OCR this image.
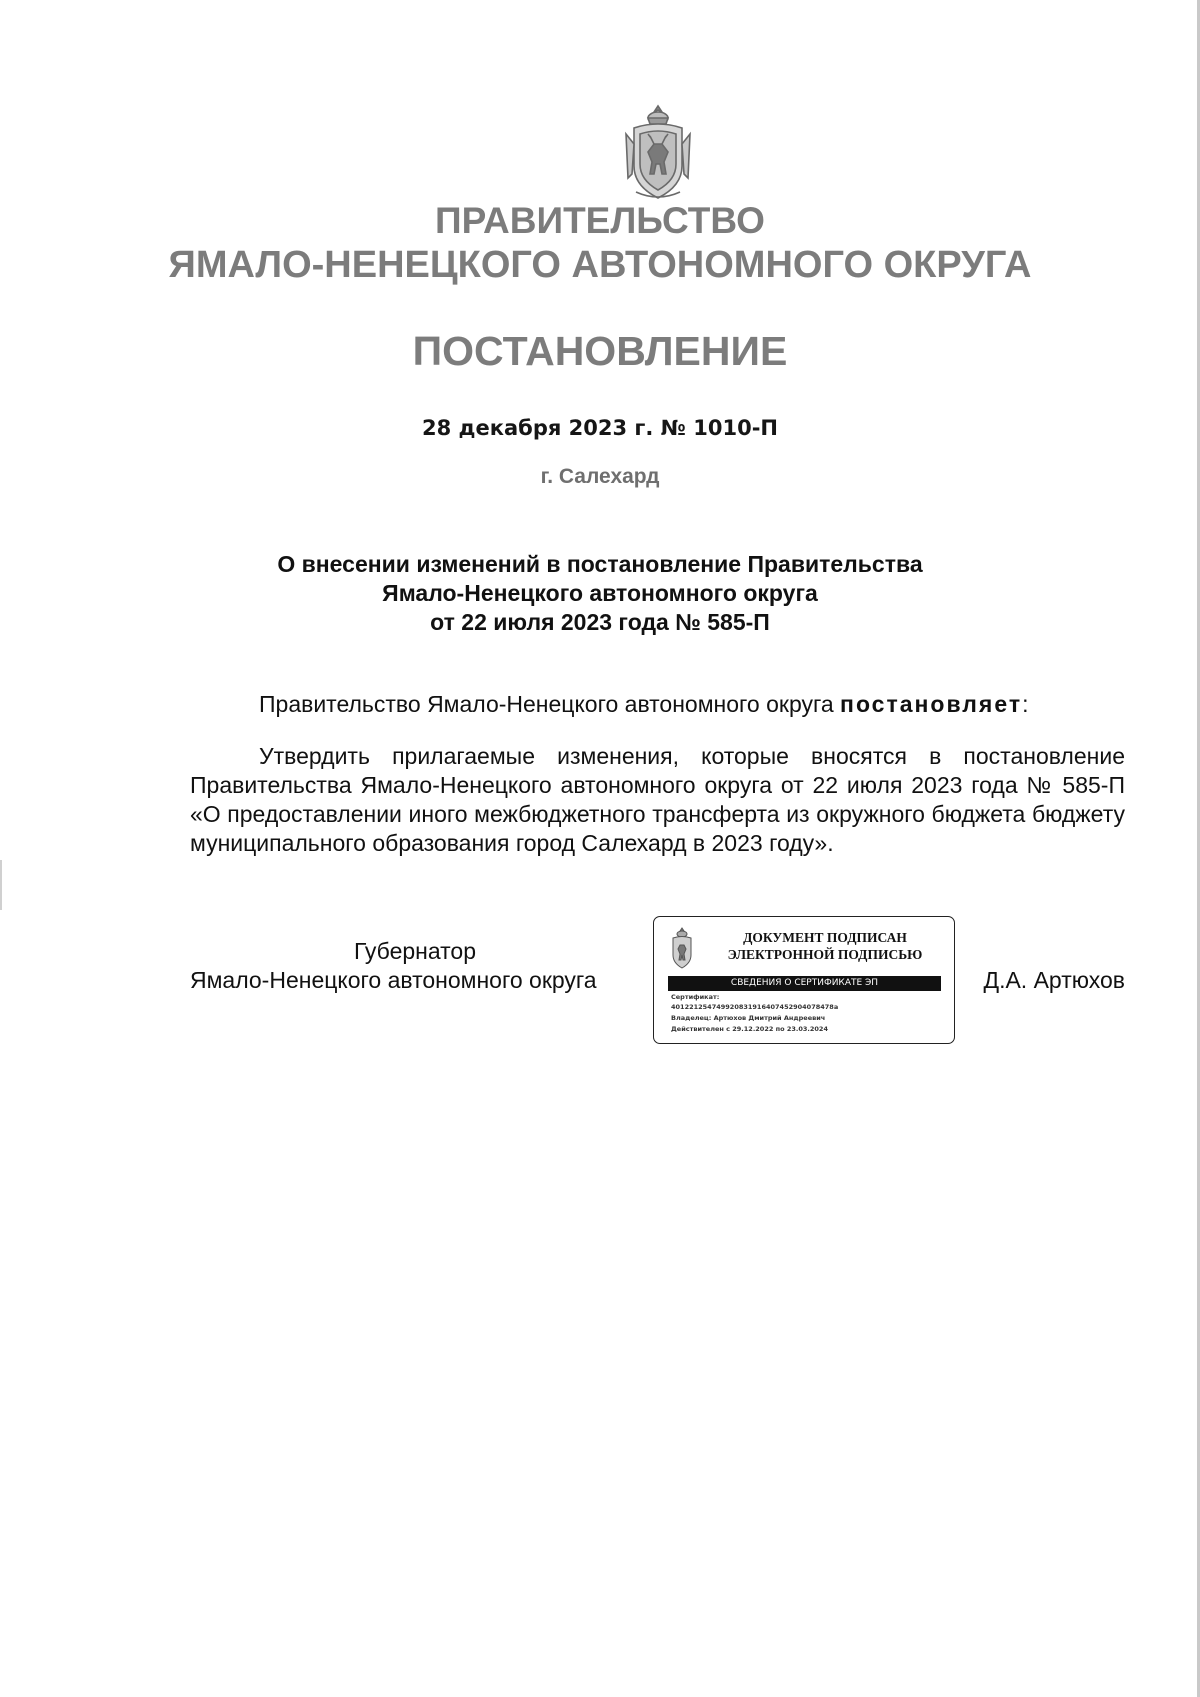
ПРАВИТЕЛЬСТВО
ЯМАЛО-НЕНЕЦКОГО АВТОНОМНОГО ОКРУГА
ПОСТАНОВЛЕНИЕ
28 декабря 2023 г. № 1010-П
г. Салехард
О внесении изменений в постановление Правительства
Ямало-Ненецкого автономного округа
от 22 июля 2023 года № 585-П
Правительство Ямало-Ненецкого автономного округа постановляет:
Утвердить прилагаемые изменения, которые вносятся в постановление Правительства Ямало-Ненецкого автономного округа от 22 июля 2023 года № 585-П «О предоставлении иного межбюджетного трансферта из окружного бюджета бюджету муниципального образования город Салехард в 2023 году».
Губернатор
Ямало-Ненецкого автономного округа
ДОКУМЕНТ ПОДПИСАН
ЭЛЕКТРОННОЙ ПОДПИСЬЮ
СВЕДЕНИЯ О СЕРТИФИКАТЕ ЭП
Сертификат:
401221254749920831916407452904078478а
Владелец: Артюхов Дмитрий Андреевич
Действителен с 29.12.2022 по 23.03.2024
Д.А. Артюхов
